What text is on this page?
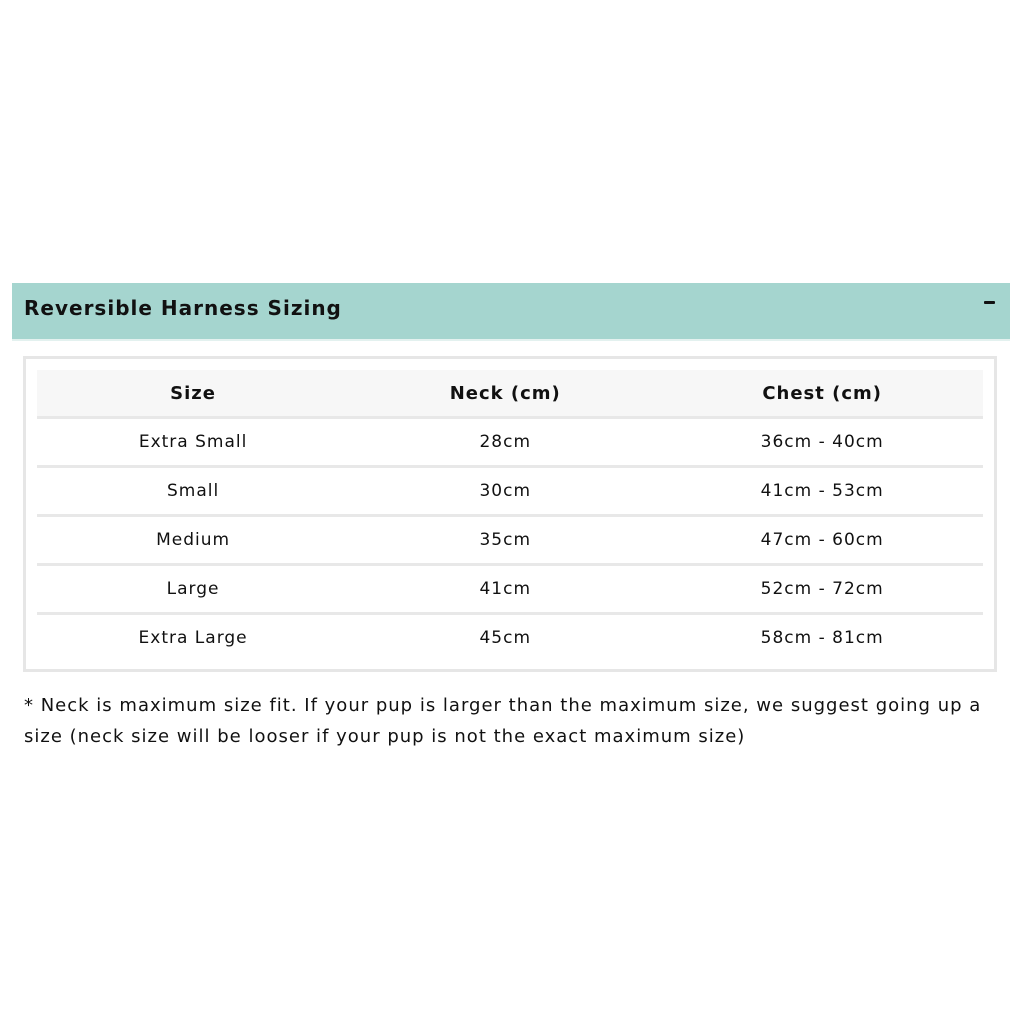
Reversible Harness Sizing
Size	Neck (cm)	Chest (cm)
Extra Small	28cm	36cm - 40cm
Small	30cm	41cm - 53cm
Medium	35cm	47cm - 60cm
Large	41cm	52cm - 72cm
Extra Large	45cm	58cm - 81cm

* Neck is maximum size fit. If your pup is larger than the maximum size, we suggest going up a size (neck size will be looser if your pup is not the exact maximum size)
